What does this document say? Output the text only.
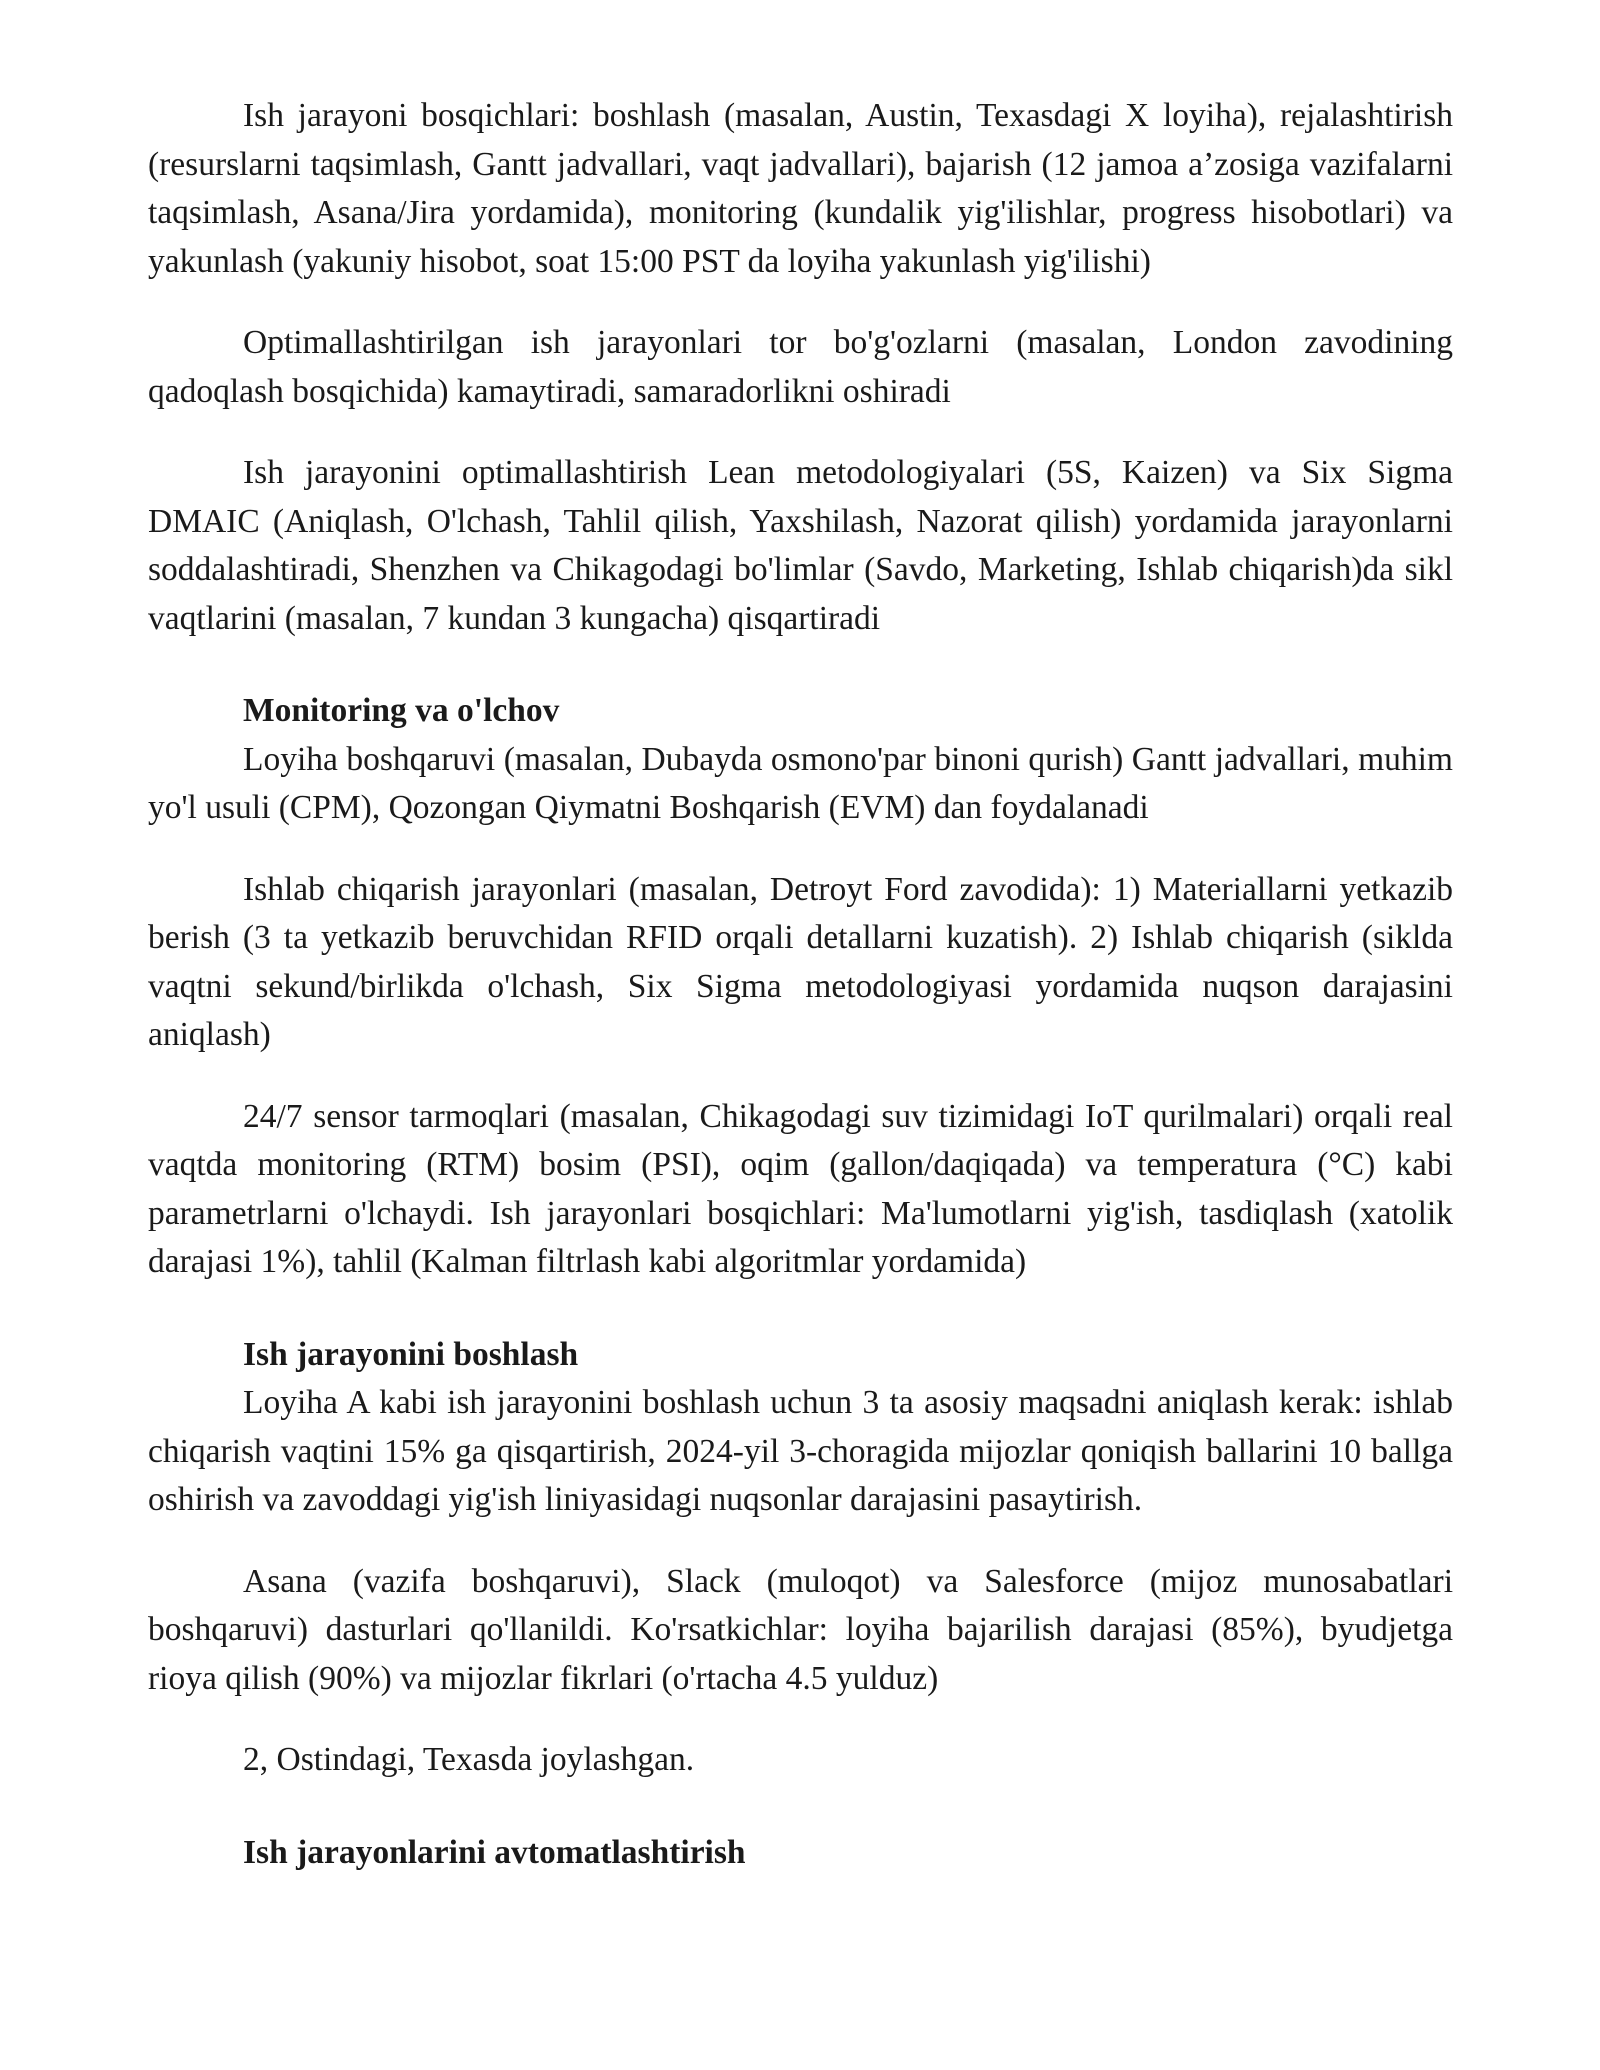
Ish jarayoni bosqichlari: boshlash (masalan, Austin, Texasdagi X loyiha), rejalashtirish (resurslarni taqsimlash, Gantt jadvallari, vaqt jadvallari), bajarish (12 jamoa a’zosiga vazifalarni taqsimlash, Asana/Jira yordamida), monitoring (kundalik yig'ilishlar, progress hisobotlari) va yakunlash (yakuniy hisobot, soat 15:00 PST da loyiha yakunlash yig'ilishi)

Optimallashtirilgan ish jarayonlari tor bo'g'ozlarni (masalan, London zavodining qadoqlash bosqichida) kamaytiradi, samaradorlikni oshiradi

Ish jarayonini optimallashtirish Lean metodologiyalari (5S, Kaizen) va Six Sigma DMAIC (Aniqlash, O'lchash, Tahlil qilish, Yaxshilash, Nazorat qilish) yordamida jarayonlarni soddalashtiradi, Shenzhen va Chikagodagi bo'limlar (Savdo, Marketing, Ishlab chiqarish)da sikl vaqtlarini (masalan, 7 kundan 3 kungacha) qisqartiradi

Monitoring va o'lchov

Loyiha boshqaruvi (masalan, Dubayda osmono'par binoni qurish) Gantt jadvallari, muhim yo'l usuli (CPM), Qozongan Qiymatni Boshqarish (EVM) dan foydalanadi

Ishlab chiqarish jarayonlari (masalan, Detroyt Ford zavodida): 1) Materiallarni yetkazib berish (3 ta yetkazib beruvchidan RFID orqali detallarni kuzatish). 2) Ishlab chiqarish (siklda vaqtni sekund/birlikda o'lchash, Six Sigma metodologiyasi yordamida nuqson darajasini aniqlash)

24/7 sensor tarmoqlari (masalan, Chikagodagi suv tizimidagi IoT qurilmalari) orqali real vaqtda monitoring (RTM) bosim (PSI), oqim (gallon/daqiqada) va temperatura (°C) kabi parametrlarni o'lchaydi. Ish jarayonlari bosqichlari: Ma'lumotlarni yig'ish, tasdiqlash (xatolik darajasi 1%), tahlil (Kalman filtrlash kabi algoritmlar yordamida)

Ish jarayonini boshlash

Loyiha A kabi ish jarayonini boshlash uchun 3 ta asosiy maqsadni aniqlash kerak: ishlab chiqarish vaqtini 15% ga qisqartirish, 2024-yil 3-choragida mijozlar qoniqish ballarini 10 ballga oshirish va zavoddagi yig'ish liniyasidagi nuqsonlar darajasini pasaytirish.

Asana (vazifa boshqaruvi), Slack (muloqot) va Salesforce (mijoz munosabatlari boshqaruvi) dasturlari qo'llanildi. Ko'rsatkichlar: loyiha bajarilish darajasi (85%), byudjetga rioya qilish (90%) va mijozlar fikrlari (o'rtacha 4.5 yulduz)

2, Ostindagi, Texasda joylashgan.

Ish jarayonlarini avtomatlashtirish
